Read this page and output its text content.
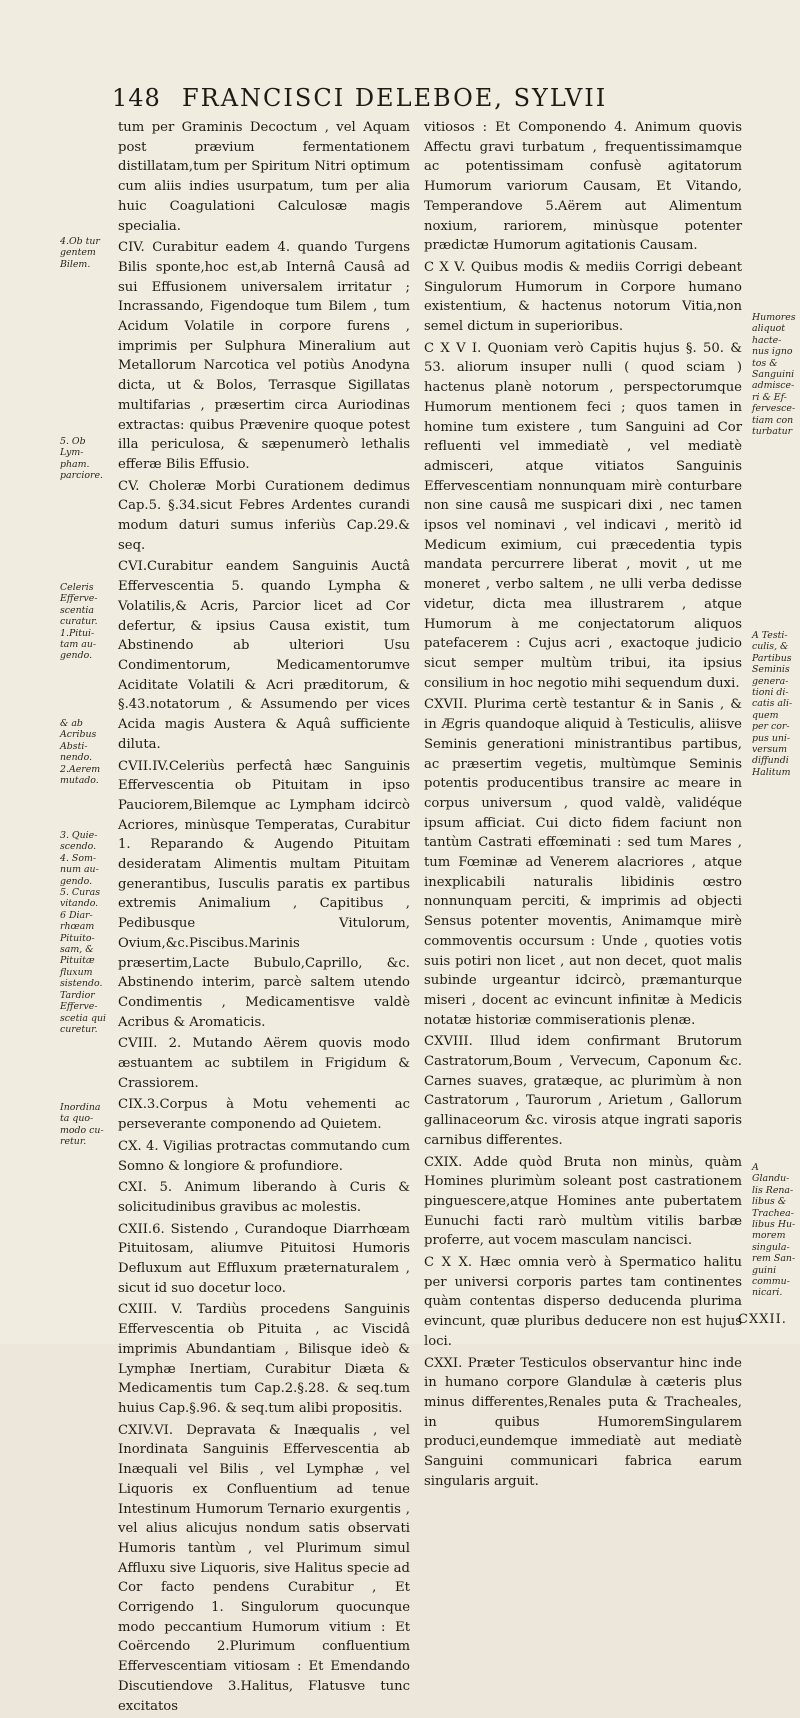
148 FRANCISCI DELEBOE, SYLVII

tum per Graminis Decoctum , vel Aquam post prævium fermentationem distillatam,tum per Spiritum Nitri optimum cum aliis indies usurpatum, tum per alia huic Coagulationi Calculosæ magis specialia.

CIV. Curabitur eadem 4. quando Turgens Bilis sponte,hoc est,ab Internâ Causâ ad sui Effusionem universalem irritatur ; Incrassando, Figendoque tum Bilem , tum Acidum Volatile in corpore furens , imprimis per Sulphura Mineralium aut Metallorum Narcotica vel potiùs Anodyna dicta, ut & Bolos, Terrasque Sigillatas multifarias , præsertim circa Auriodinas extractas: quibus Prævenire quoque potest illa periculosa, & sæpenumerò lethalis efferæ Bilis Effusio.

CV. Choleræ Morbi Curationem dedimus Cap.5. §.34.sicut Febres Ardentes curandi modum daturi sumus inferiùs Cap.29.& seq.

CVI.Curabitur eandem Sanguinis Auctâ Effervescentia 5. quando Lympha & Volatilis,& Acris, Parcior licet ad Cor defertur, & ipsius Causa existit, tum Abstinendo ab ulteriori Usu Condimentorum, Medicamentorumve Aciditate Volatili & Acri præditorum, & §.43.notatorum , & Assumendo per vices Acida magis Austera & Aquâ sufficiente diluta.

CVII.IV.Celeriùs perfectâ hæc Sanguinis Effervescentia ob Pituitam in ipso Pauciorem,Bilemque ac Lympham idcircò Acriores, minùsque Temperatas, Curabitur 1. Reparando & Augendo Pituitam desideratam Alimentis multam Pituitam generantibus, Iusculis paratis ex partibus extremis Animalium , Capitibus , Pedibusque Vitulorum, Ovium,&c.Piscibus.Marinis præsertim,Lacte Bubulo,Caprillo, &c. Abstinendo interim, parcè saltem utendo Condimentis , Medicamentisve valdè Acribus & Aromaticis.

CVIII. 2. Mutando Aërem quovis modo æstuantem ac subtilem in Frigidum & Crassiorem.

CIX.3.Corpus à Motu vehementi ac perseverante componendo ad Quietem.

CX. 4. Vigilias protractas commutando cum Somno & longiore & profundiore.

CXI. 5. Animum liberando à Curis & solicitudinibus gravibus ac molestis.

CXII.6. Sistendo , Curandoque Diarrhœam Pituitosam, aliumve Pituitosi Humoris Defluxum aut Effluxum præternaturalem , sicut id suo docetur loco.

CXIII. V. Tardiùs procedens Sanguinis Effervescentia ob Pituita , ac Viscidâ imprimis Abundantiam , Bilisque ideò & Lymphæ Inertiam, Curabitur Diæta & Medicamentis tum Cap.2.§.28. & seq.tum huius Cap.§.96. & seq.tum alibi propositis.

CXIV.VI. Depravata & Inæqualis , vel Inordinata Sanguinis Effervescentia ab Inæquali vel Bilis , vel Lymphæ , vel Liquoris ex Confluentium ad tenue Intestinum Humorum Ternario exurgentis , vel alius alicujus nondum satis observati Humoris tantùm , vel Plurimum simul Affluxu sive Liquoris, sive Halitus specie ad Cor facto pendens Curabitur , Et Corrigendo 1. Singulorum quocunque modo peccantium Humorum vitium : Et Coërcendo 2.Plurimum confluentium Effervescentiam vitiosam : Et Emendando Discutiendove 3.Halitus, Flatusve tunc excitatos

vitiosos : Et Componendo 4. Animum quovis Affectu gravi turbatum , frequentissimamque ac potentissimam confusè agitatorum Humorum variorum Causam, Et Vitando, Temperandove 5.Aërem aut Alimentum noxium, rariorem, minùsque potenter prædictæ Humorum agitationis Causam.

C X V. Quibus modis & mediis Corrigi debeant Singulorum Humorum in Corpore humano existentium, & hactenus notorum Vitia,non semel dictum in superioribus.

C X V I. Quoniam verò Capitis hujus §. 50. & 53. aliorum insuper nulli ( quod sciam ) hactenus planè notorum , perspectorumque Humorum mentionem feci ; quos tamen in homine tum existere , tum Sanguini ad Cor refluenti vel immediatè , vel mediatè admisceri, atque vitiatos Sanguinis Effervescentiam nonnunquam mirè conturbare non sine causâ me suspicari dixi , nec tamen ipsos vel nominavi , vel indicavi , meritò id Medicum eximium, cui præcedentia typis mandata percurrere liberat , movit , ut me moneret , verbo saltem , ne ulli verba dedisse videtur, dicta mea illustrarem , atque Humorum à me conjectatorum aliquos patefacerem : Cujus acri , exactoque judicio sicut semper multùm tribui, ita ipsius consilium in hoc negotio mihi sequendum duxi.

CXVII. Plurima certè testantur & in Sanis , & in Ægris quandoque aliquid à Testiculis, aliisve Seminis generationi ministrantibus partibus, ac præsertim vegetis, multùmque Seminis potentis producentibus transire ac meare in corpus universum , quod valdè, validéque ipsum afficiat. Cui dicto fidem faciunt non tantùm Castrati effœminati : sed tum Mares , tum Fœminæ ad Venerem alacriores , atque inexplicabili naturalis libidinis œstro nonnunquam perciti, & imprimis ad objecti Sensus potenter moventis, Animamque mirè commoventis occursum : Unde , quoties votis suis potiri non licet , aut non decet, quot malis subinde urgeantur idcircò, præmanturque miseri , docent ac evincunt infinitæ à Medicis notatæ historiæ commiserationis plenæ.

CXVIII. Illud idem confirmant Brutorum Castratorum,Boum , Vervecum, Caponum &c. Carnes suaves, gratæque, ac plurimùm à non Castratorum , Taurorum , Arietum , Gallorum gallinaceorum &c. virosis atque ingrati saporis carnibus differentes.

CXIX. Adde quòd Bruta non minùs, quàm Homines plurimùm soleant post castrationem pinguescere,atque Homines ante pubertatem Eunuchi facti rarò multùm vitilis barbæ proferre, aut vocem masculam nancisci.

C X X. Hæc omnia verò à Spermatico halitu per universi corporis partes tam continentes quàm contentas disperso deducenda plurima evincunt, quæ pluribus deducere non est hujus loci.

CXXI. Præter Testiculos observantur hinc inde in humano corpore Glandulæ à cæteris plus minus differentes,Renales puta & Tracheales, in quibus HumoremSingularem produci,eundemque immediatè aut mediatè Sanguini communicari fabrica earum singularis arguit.

4.Ob tur
gentem
Bilem.
5. Ob
Lym-
pham.
parciore.
Celeris
Efferve-
scentia
curatur.
1.Pitui-
tam au-
gendo.
& ab
Acribus
Absti-
nendo.
2.Aerem
mutado.
3. Quie-
scendo.
4. Som-
num au-
gendo.
5. Curas
vitando.
6 Diar-
rhœam
Pituito-
sam, &
Pituitæ
fluxum
sistendo.
Tardior
Efferve-
scetia qui
curetur.
Inordina
ta quo-
modo cu-
retur.
Humores
aliquot
hacte-
nus igno
tos &
Sanguini
admisce-
ri & Ef-
fervesce-
tiam con
turbatur
A Testi-
culis, &
Partibus
Seminis
genera-
tioni di-
catis ali-
quem
per cor-
pus uni-
versum
diffundi
Halitum
A Glandu-
lis Rena-
libus &
Trachea-
libus Hu-
morem
singula-
rem San-
guini
commu-
nicari.
CXXII.
